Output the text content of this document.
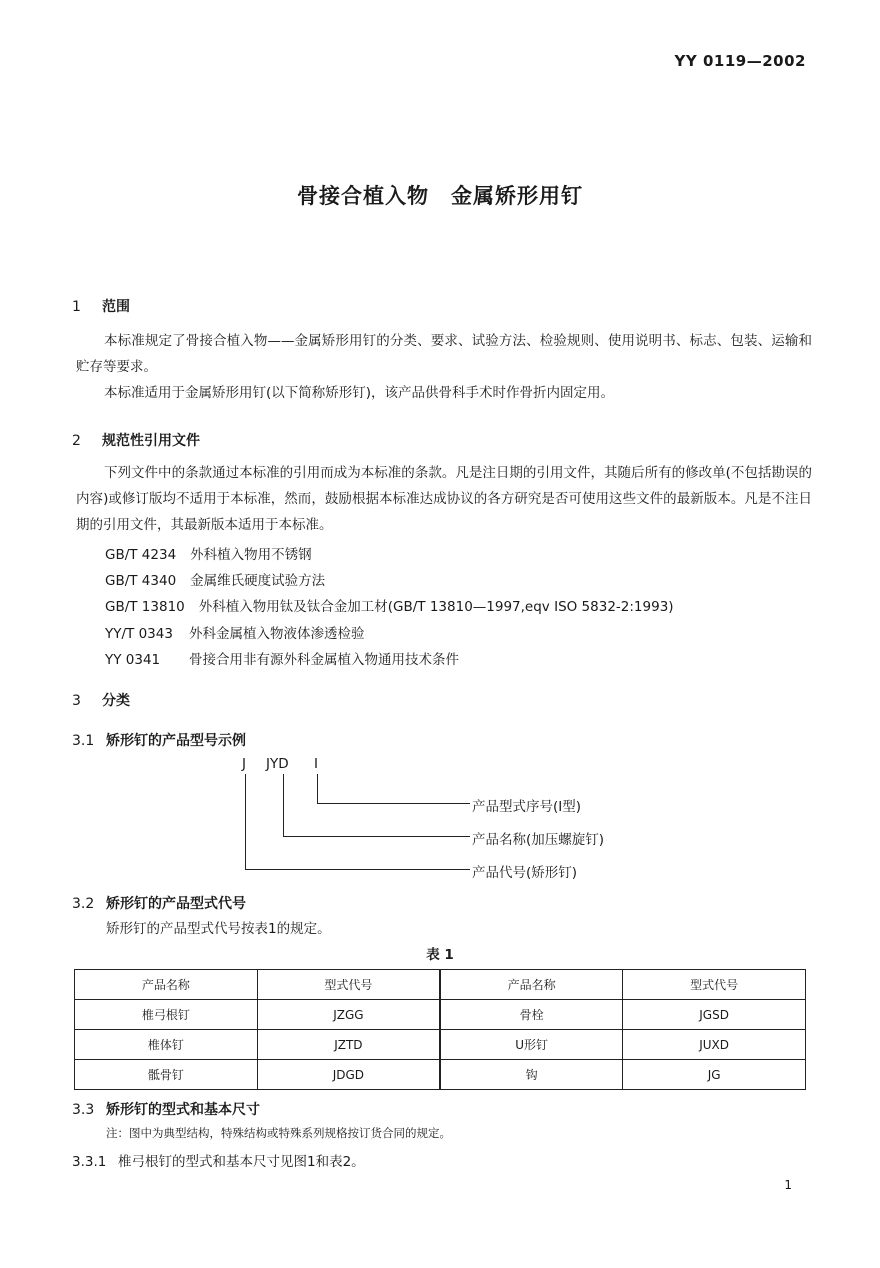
YY 0119—2002
骨接合植入物　金属矫形用钉
1 范围
本标准规定了骨接合植入物——金属矫形用钉的分类、要求、试验方法、检验规则、使用说明书、标志、包装、运输和贮存等要求。
本标准适用于金属矫形用钉(以下简称矫形钉)，该产品供骨科手术时作骨折内固定用。
2 规范性引用文件
下列文件中的条款通过本标准的引用而成为本标准的条款。凡是注日期的引用文件，其随后所有的修改单(不包括勘误的内容)或修订版均不适用于本标准，然而，鼓励根据本标准达成协议的各方研究是否可使用这些文件的最新版本。凡是不注日期的引用文件，其最新版本适用于本标准。
GB/T 4234 外科植入物用不锈钢
GB/T 4340 金属维氏硬度试验方法
GB/T 13810 外科植入物用钛及钛合金加工材(GB/T 13810—1997,eqv ISO 5832-2:1993)
YY/T 0343 外科金属植入物液体渗透检验
YY 0341 骨接合用非有源外科金属植入物通用技术条件
3 分类
3.1 矫形钉的产品型号示例
J JYD I
产品型式序号(I型)
产品名称(加压螺旋钉)
产品代号(矫形钉)
3.2 矫形钉的产品型式代号
矫形钉的产品型式代号按表1的规定。
表 1
产品名称	型式代号	产品名称	型式代号
椎弓根钉	JZGG	骨栓	JGSD
椎体钉	JZTD	U形钉	JUXD
骶骨钉	JDGD	钩	JG
3.3 矫形钉的型式和基本尺寸
注：图中为典型结构，特殊结构或特殊系列规格按订货合同的规定。
3.3.1 椎弓根钉的型式和基本尺寸见图1和表2。
1
